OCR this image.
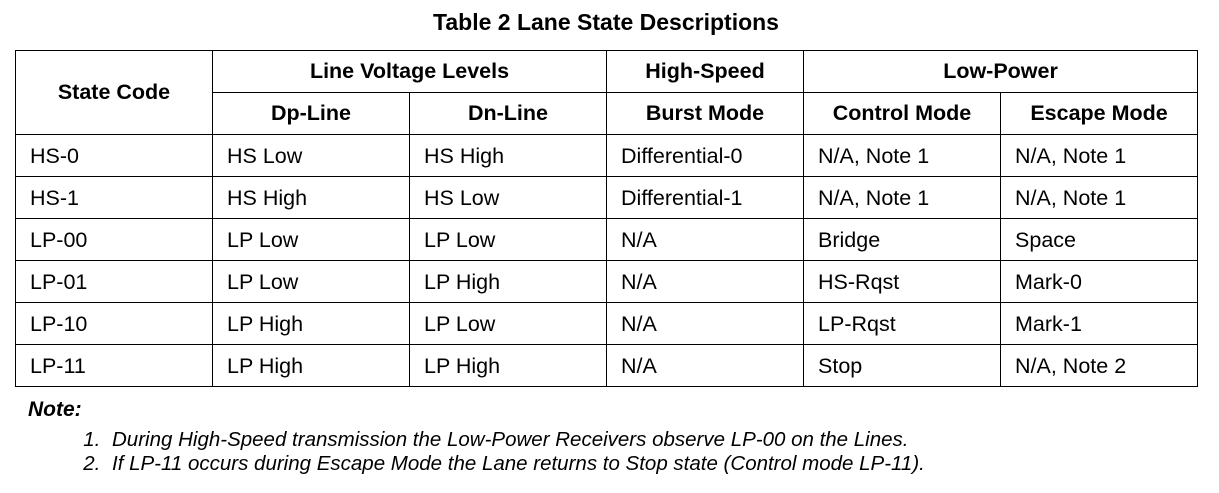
Table 2 Lane State Descriptions
State Code	Line Voltage Levels		High-Speed	Low-Power	
	Dp-Line	Dn-Line	Burst Mode	Control Mode	Escape Mode
HS-0	HS Low	HS High	Differential-0	N/A, Note 1	N/A, Note 1
HS-1	HS High	HS Low	Differential-1	N/A, Note 1	N/A, Note 1
LP-00	LP Low	LP Low	N/A	Bridge	Space
LP-01	LP Low	LP High	N/A	HS-Rqst	Mark-0
LP-10	LP High	LP Low	N/A	LP-Rqst	Mark-1
LP-11	LP High	LP High	N/A	Stop	N/A, Note 2
Note:
1. During High-Speed transmission the Low-Power Receivers observe LP-00 on the Lines.
2. If LP-11 occurs during Escape Mode the Lane returns to Stop state (Control mode LP-11).
